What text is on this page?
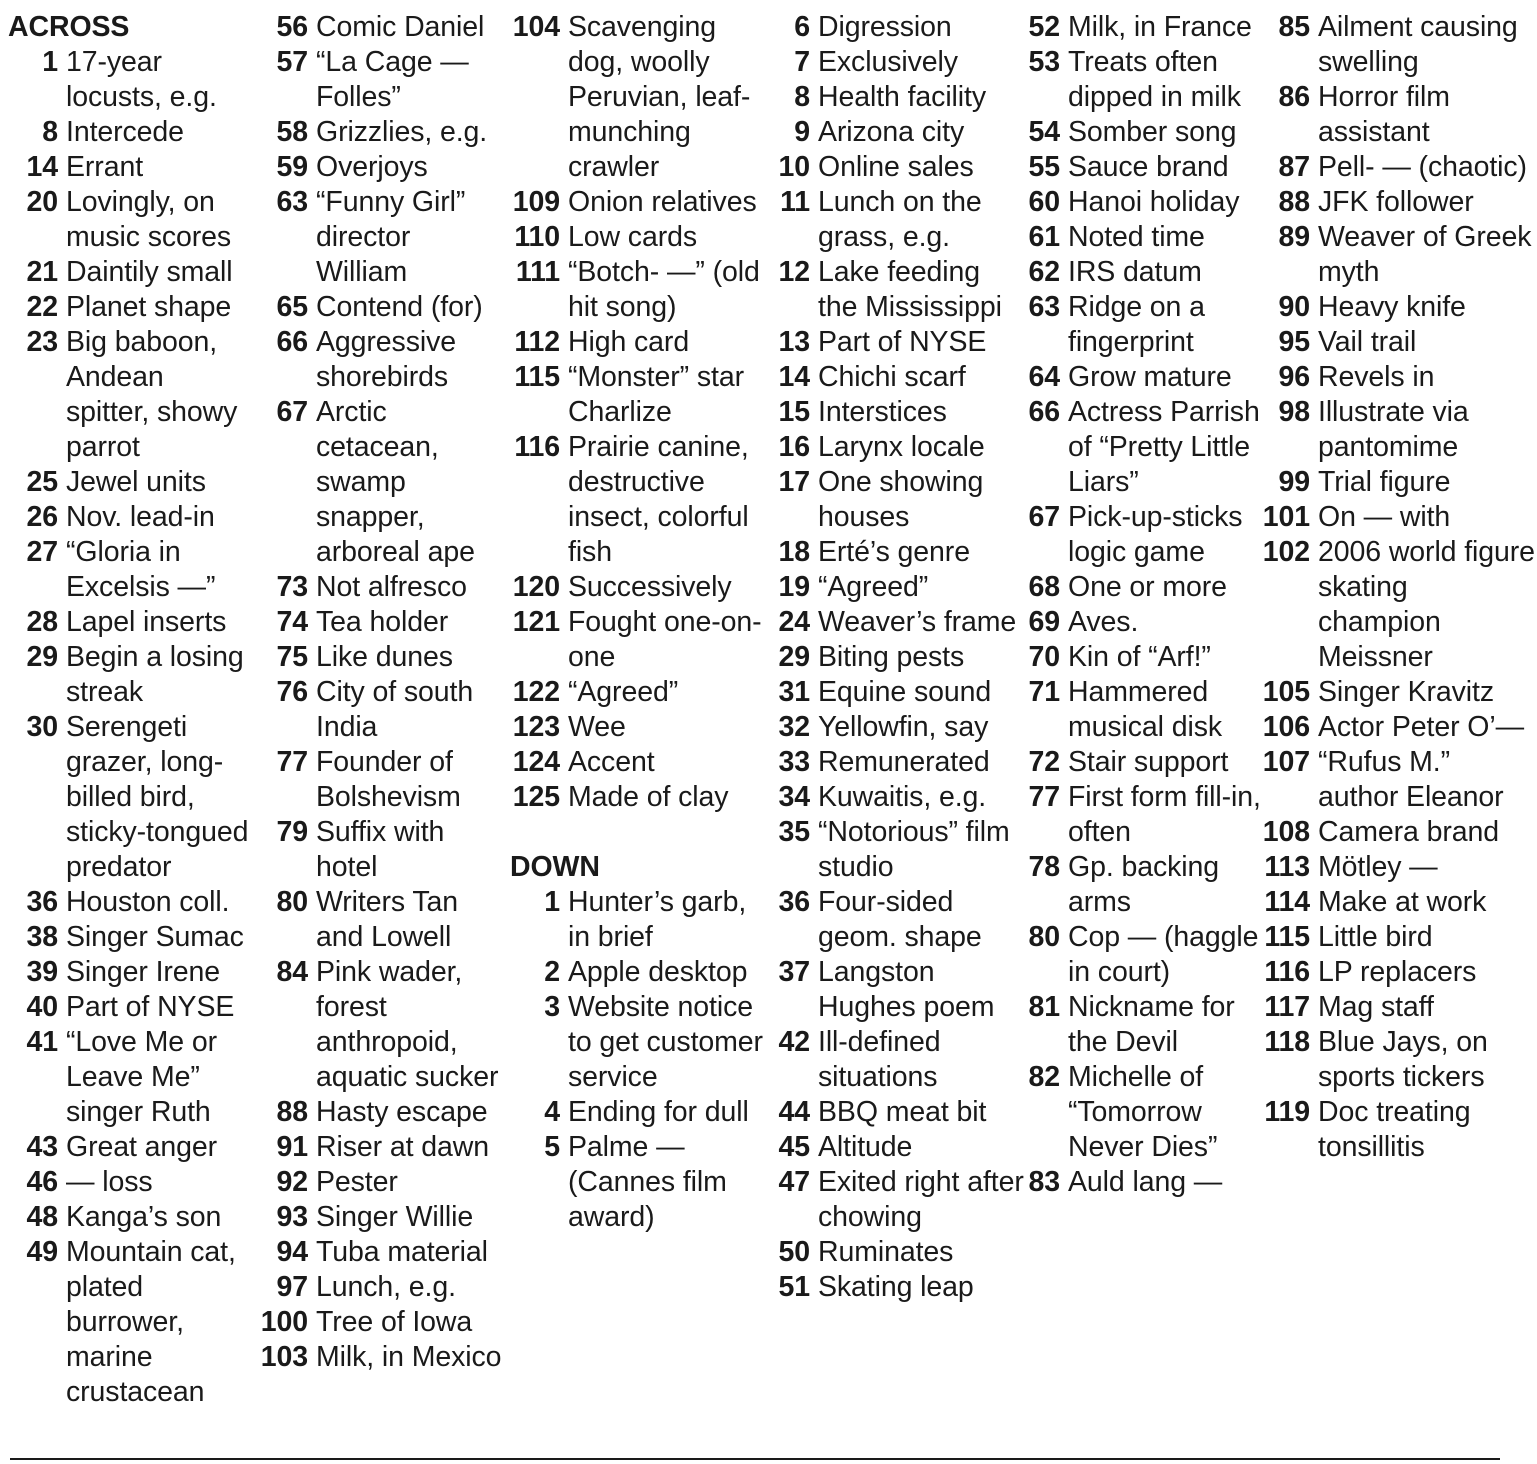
ACROSS
1 17-year locusts, e.g.
8 Intercede
14 Errant
20 Lovingly, on music scores
21 Daintily small
22 Planet shape
23 Big baboon, Andean spitter, showy parrot
25 Jewel units
26 Nov. lead-in
27 “Gloria in Excelsis —”
28 Lapel inserts
29 Begin a losing streak
30 Serengeti grazer, long-billed bird, sticky-tongued predator
36 Houston coll.
38 Singer Sumac
39 Singer Irene
40 Part of NYSE
41 “Love Me or Leave Me” singer Ruth
43 Great anger
46 — loss
48 Kanga’s son
49 Mountain cat, plated burrower, marine crustacean
56 Comic Daniel
57 “La Cage — Folles”
58 Grizzlies, e.g.
59 Overjoys
63 “Funny Girl” director William
65 Contend (for)
66 Aggressive shorebirds
67 Arctic cetacean, swamp snapper, arboreal ape
73 Not alfresco
74 Tea holder
75 Like dunes
76 City of south India
77 Founder of Bolshevism
79 Suffix with hotel
80 Writers Tan and Lowell
84 Pink wader, forest anthropoid, aquatic sucker
88 Hasty escape
91 Riser at dawn
92 Pester
93 Singer Willie
94 Tuba material
97 Lunch, e.g.
100 Tree of Iowa
103 Milk, in Mexico
104 Scavenging dog, woolly Peruvian, leaf-munching crawler
109 Onion relatives
110 Low cards
111 “Botch- —” (old hit song)
112 High card
115 “Monster” star Charlize
116 Prairie canine, destructive insect, colorful fish
120 Successively
121 Fought one-on-one
122 “Agreed”
123 Wee
124 Accent
125 Made of clay
DOWN
1 Hunter’s garb, in brief
2 Apple desktop
3 Website notice to get customer service
4 Ending for dull
5 Palme — (Cannes film award)
6 Digression
7 Exclusively
8 Health facility
9 Arizona city
10 Online sales
11 Lunch on the grass, e.g.
12 Lake feeding the Mississippi
13 Part of NYSE
14 Chichi scarf
15 Interstices
16 Larynx locale
17 One showing houses
18 Erté’s genre
19 “Agreed”
24 Weaver’s frame
29 Biting pests
31 Equine sound
32 Yellowfin, say
33 Remunerated
34 Kuwaitis, e.g.
35 “Notorious” film studio
36 Four-sided geom. shape
37 Langston Hughes poem
42 Ill-defined situations
44 BBQ meat bit
45 Altitude
47 Exited right after chowing
50 Ruminates
51 Skating leap
52 Milk, in France
53 Treats often dipped in milk
54 Somber song
55 Sauce brand
60 Hanoi holiday
61 Noted time
62 IRS datum
63 Ridge on a fingerprint
64 Grow mature
66 Actress Parrish of “Pretty Little Liars”
67 Pick-up-sticks logic game
68 One or more
69 Aves.
70 Kin of “Arf!”
71 Hammered musical disk
72 Stair support
77 First form fill-in, often
78 Gp. backing arms
80 Cop — (haggle in court)
81 Nickname for the Devil
82 Michelle of “Tomorrow Never Dies”
83 Auld lang —
85 Ailment causing swelling
86 Horror film assistant
87 Pell- — (chaotic)
88 JFK follower
89 Weaver of Greek myth
90 Heavy knife
95 Vail trail
96 Revels in
98 Illustrate via pantomime
99 Trial figure
101 On — with
102 2006 world figure skating champion Meissner
105 Singer Kravitz
106 Actor Peter O’—
107 “Rufus M.” author Eleanor
108 Camera brand
113 Mötley —
114 Make at work
115 Little bird
116 LP replacers
117 Mag staff
118 Blue Jays, on sports tickers
119 Doc treating tonsillitis
